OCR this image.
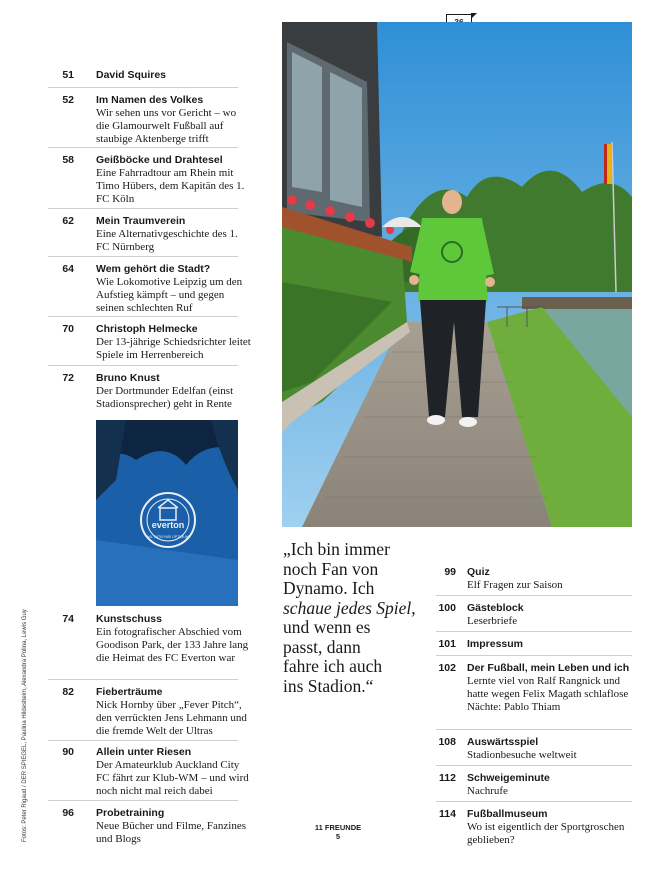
everton
NIL SATIS NISI OPTIMUM
„Ich bin immer
noch Fan von
Dynamo. Ich
schaue jedes Spiel,
und wenn es
passt, dann
fahre ich auch
ins Stadion.“
51 David Squires
52 Im Namen des Volkes

Wir sehen uns vor Gericht – wo die Glamourwelt Fußball auf staubige Aktenberge trifft

58 Geißböcke und Drahtesel

Eine Fahrradtour am Rhein mit Timo Hübers, dem Kapitän des 1. FC Köln

62 Mein Traumverein

Eine Alternativgeschichte des 1. FC Nürnberg

64 Wem gehört die Stadt?

Wie Lokomotive Leipzig um den Aufstieg kämpft – und gegen seinen schlechten Ruf

70 Christoph Helmecke

Der 13-jährige Schiedsrichter leitet Spiele im Herrenbereich

72 Bruno Knust

Der Dortmunder Edelfan (einst Stadionsprecher) geht in Rente

74 Kunstschuss

Ein fotografischer Abschied vom Goodison Park, der 133 Jahre lang die Heimat des FC Everton war

82 Fieberträume

Nick Hornby über „Fever Pitch“, den verrückten Jens Lehmann und die fremde Welt der Ultras

90 Allein unter Riesen

Der Amateurklub Auckland City FC fährt zur Klub-WM – und wird noch nicht mal reich dabei

96 Probetraining

Neue Bücher und Filme, Fanzines und Blogs

99 Quiz

Elf Fragen zur Saison

100 Gästeblock

Leserbriefe

101 Impressum
102 Der Fußball, mein Leben und ich

Lernte viel von Ralf Rangnick und hatte wegen Felix Magath schlaflose Nächte: Pablo Thiam

108 Auswärtsspiel

Stadionbesuche weltweit

112 Schweigeminute

Nachrufe

114 Fußballmuseum

Wo ist eigentlich der Sportgroschen geblieben?

11 FREUNDE
5
Fotos: Peter Rigaud / DER SPIEGEL, Paulina Hildesheim, Alexandra Polina, Lewis Guy
